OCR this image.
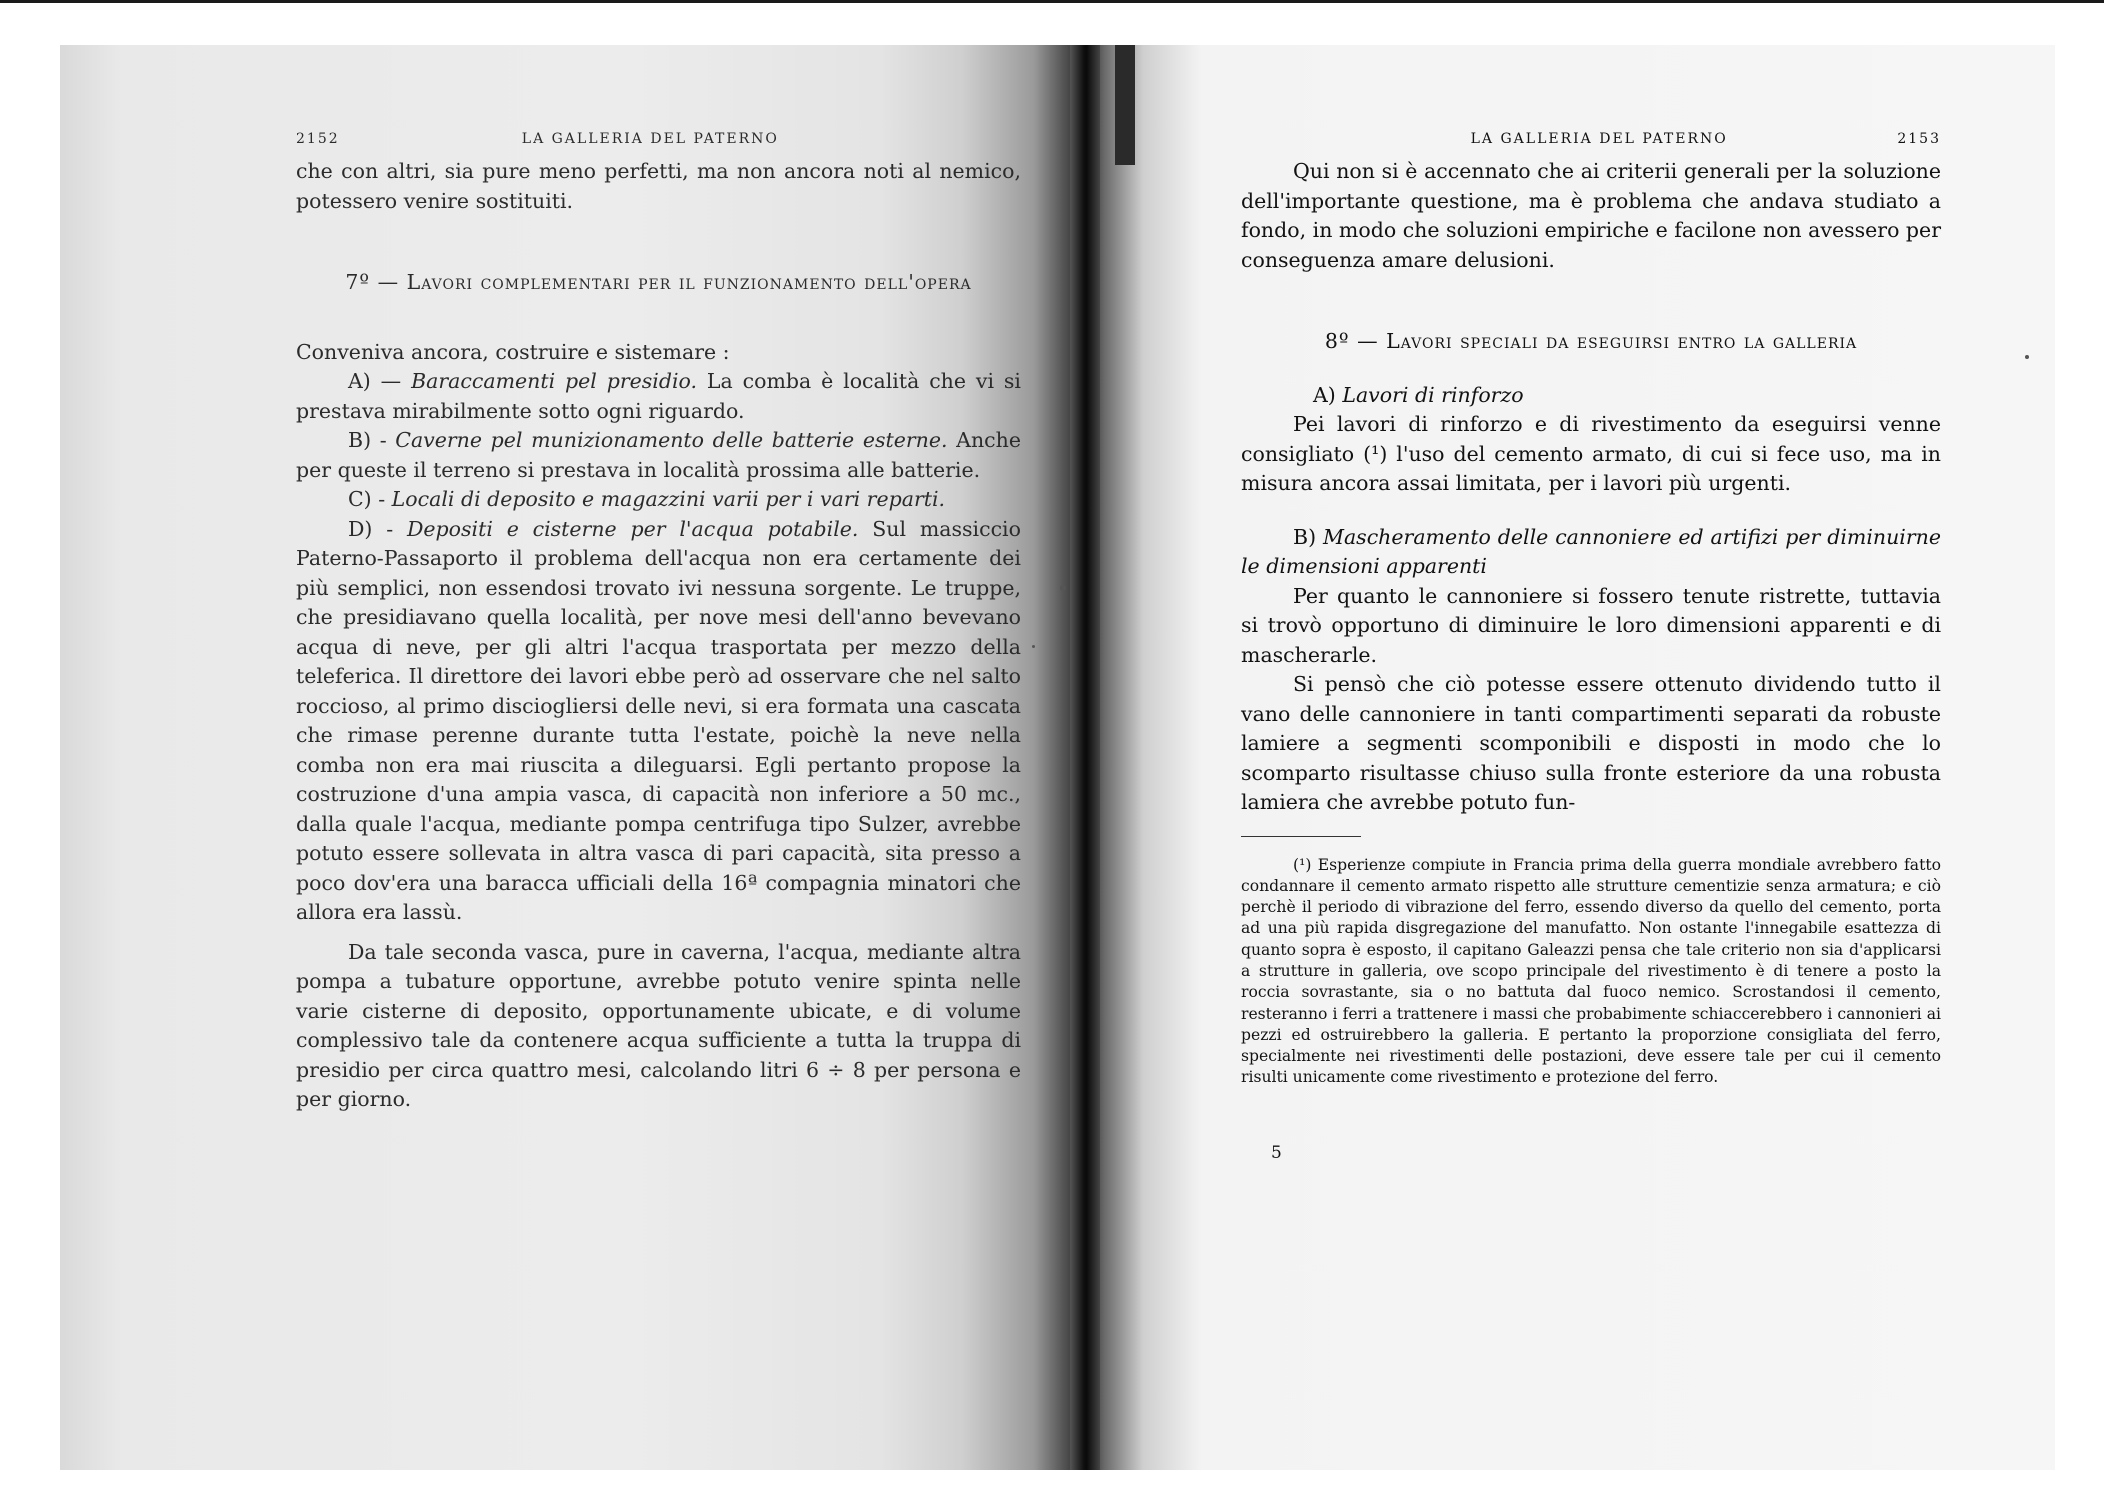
2152	LA GALLERIA DEL PATERNO

che con altri, sia pure meno perfetti, ma non ancora noti al nemico, potessero venire sostituiti.

7º — Lavori complementari per il funzionamento dell'opera

Conveniva ancora, costruire e sistemare :

A) — Baraccamenti pel presidio. La comba è località che vi si prestava mirabilmente sotto ogni riguardo.

B) - Caverne pel munizionamento delle batterie esterne. Anche per queste il terreno si prestava in località prossima alle batterie.

C) - Locali di deposito e magazzini varii per i vari reparti.

D) - Depositi e cisterne per l'acqua potabile. Sul massiccio Paterno-Passaporto il problema dell'acqua non era certamente dei più semplici, non essendosi trovato ivi nessuna sorgente. Le truppe, che presidiavano quella località, per nove mesi dell'anno bevevano acqua di neve, per gli altri l'acqua trasportata per mezzo della teleferica. Il direttore dei lavori ebbe però ad osservare che nel salto roccioso, al primo disciogliersi delle nevi, si era formata una cascata che rimase perenne durante tutta l'estate, poichè la neve nella comba non era mai riuscita a dileguarsi. Egli pertanto propose la costruzione d'una ampia vasca, di capacità non inferiore a 50 mc., dalla quale l'acqua, mediante pompa centrifuga tipo Sulzer, avrebbe potuto essere sollevata in altra vasca di pari capacità, sita presso a poco dov'era una baracca ufficiali della 16ª compagnia minatori che allora era lassù.

Da tale seconda vasca, pure in caverna, l'acqua, mediante altra pompa a tubature opportune, avrebbe potuto venire spinta nelle varie cisterne di deposito, opportunamente ubicate, e di volume complessivo tale da contenere acqua sufficiente a tutta la truppa di presidio per circa quattro mesi, calcolando litri 6 ÷ 8 per persona e per giorno.

LA GALLERIA DEL PATERNO	2153

Qui non si è accennato che ai criterii generali per la soluzione dell'importante questione, ma è problema che andava studiato a fondo, in modo che soluzioni empiriche e facilone non avessero per conseguenza amare delusioni.

8º — Lavori speciali da eseguirsi entro la galleria

A) Lavori di rinforzo

Pei lavori di rinforzo e di rivestimento da eseguirsi venne consigliato (¹) l'uso del cemento armato, di cui si fece uso, ma in misura ancora assai limitata, per i lavori più urgenti.

B) Mascheramento delle cannoniere ed artifizi per diminuirne le dimensioni apparenti

Per quanto le cannoniere si fossero tenute ristrette, tuttavia si trovò opportuno di diminuire le loro dimensioni apparenti e di mascherarle.

Si pensò che ciò potesse essere ottenuto dividendo tutto il vano delle cannoniere in tanti compartimenti separati da robuste lamiere a segmenti scomponibili e disposti in modo che lo scomparto risultasse chiuso sulla fronte esteriore da una robusta lamiera che avrebbe potuto fun-

(¹) Esperienze compiute in Francia prima della guerra mondiale avrebbero fatto condannare il cemento armato rispetto alle strutture cementizie senza armatura; e ciò perchè il periodo di vibrazione del ferro, essendo diverso da quello del cemento, porta ad una più rapida disgregazione del manufatto. Non ostante l'innegabile esattezza di quanto sopra è esposto, il capitano Galeazzi pensa che tale criterio non sia d'applicarsi a strutture in galleria, ove scopo principale del rivestimento è di tenere a posto la roccia sovrastante, sia o no battuta dal fuoco nemico. Scrostandosi il cemento, resteranno i ferri a trattenere i massi che probabimente schiaccerebbero i cannonieri ai pezzi ed ostruirebbero la galleria. E pertanto la proporzione consigliata del ferro, specialmente nei rivestimenti delle postazioni, deve essere tale per cui il cemento risulti unicamente come rivestimento e protezione del ferro.

5
